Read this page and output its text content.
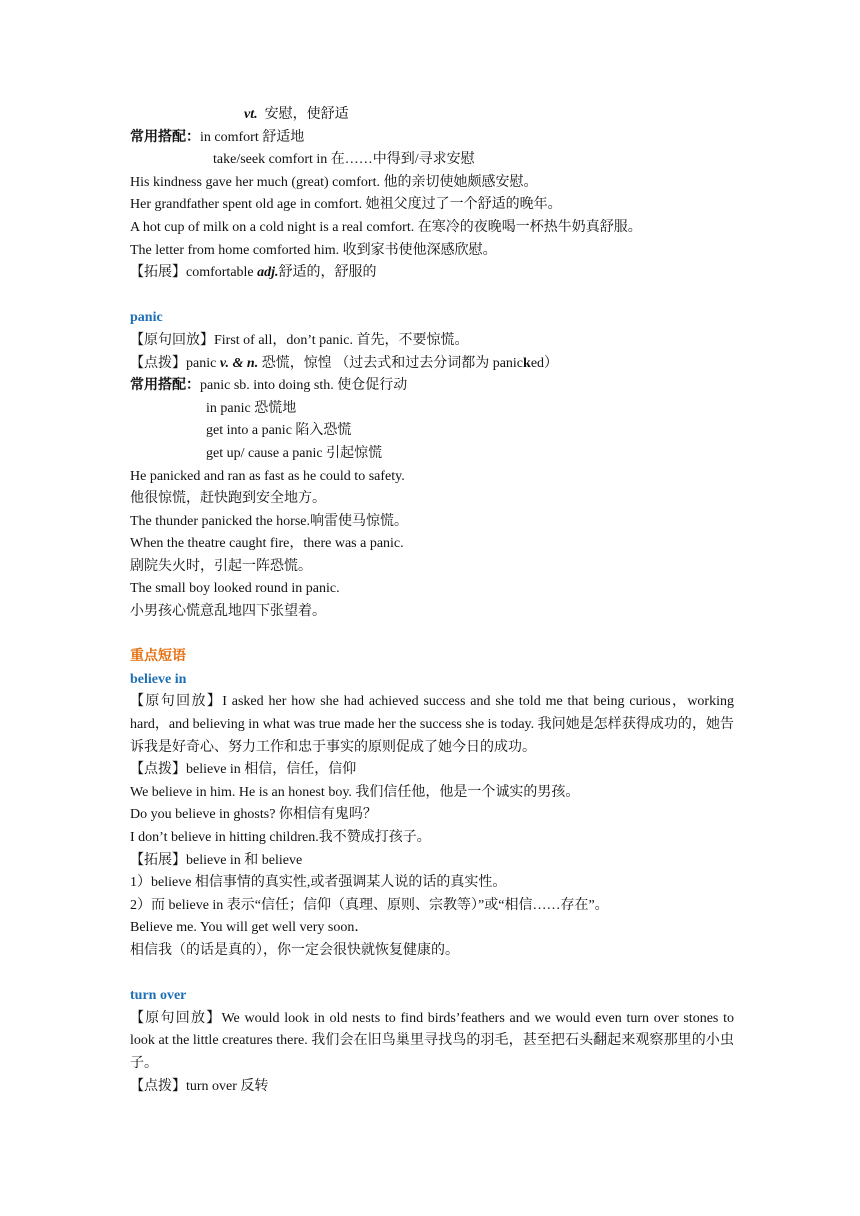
vt. 安慰，使舒适
常用搭配：in comfort 舒适地
take/seek comfort in 在……中得到/寻求安慰
His kindness gave her much (great) comfort. 他的亲切使她颇感安慰。
Her grandfather spent old age in comfort. 她祖父度过了一个舒适的晚年。
A hot cup of milk on a cold night is a real comfort. 在寒冷的夜晚喝一杯热牛奶真舒服。
The letter from home comforted him. 收到家书使他深感欣慰。
【拓展】comfortable adj.舒适的，舒服的
panic
【原句回放】First of all，don’t panic. 首先，不要惊慌。
【点拨】panic v. & n. 恐慌，惊惶 （过去式和过去分词都为 panicked）
常用搭配：panic sb. into doing sth. 使仓促行动
in panic 恐慌地
get into a panic 陷入恐慌
get up/ cause a panic 引起惊慌
He panicked and ran as fast as he could to safety.
他很惊慌，赶快跑到安全地方。
The thunder panicked the horse.响雷使马惊慌。
When the theatre caught fire，there was a panic.
剧院失火时，引起一阵恐慌。
The small boy looked round in panic.
小男孩心慌意乱地四下张望着。
重点短语
believe in
【原句回放】I asked her how she had achieved success and she told me that being curious，working hard，and believing in what was true made her the success she is today. 我问她是怎样获得成功的，她告诉我是好奇心、努力工作和忠于事实的原则促成了她今日的成功。
【点拨】believe in 相信，信任，信仰
We believe in him. He is an honest boy. 我们信任他，他是一个诚实的男孩。
Do you believe in ghosts? 你相信有鬼吗？
I don’t believe in hitting children.我不赞成打孩子。
【拓展】believe in 和 believe
1）believe 相信事情的真实性,或者强调某人说的话的真实性。
2）而 believe in 表示“信任；信仰（真理、原则、宗教等）”或“相信……存在”。
Believe me. You will get well very soon．
相信我（的话是真的），你一定会很快就恢复健康的。
turn over
【原句回放】We would look in old nests to find birds’feathers and we would even turn over stones to look at the little creatures there. 我们会在旧鸟巢里寻找鸟的羽毛，甚至把石头翻起来观察那里的小虫子。
【点拨】turn over 反转
